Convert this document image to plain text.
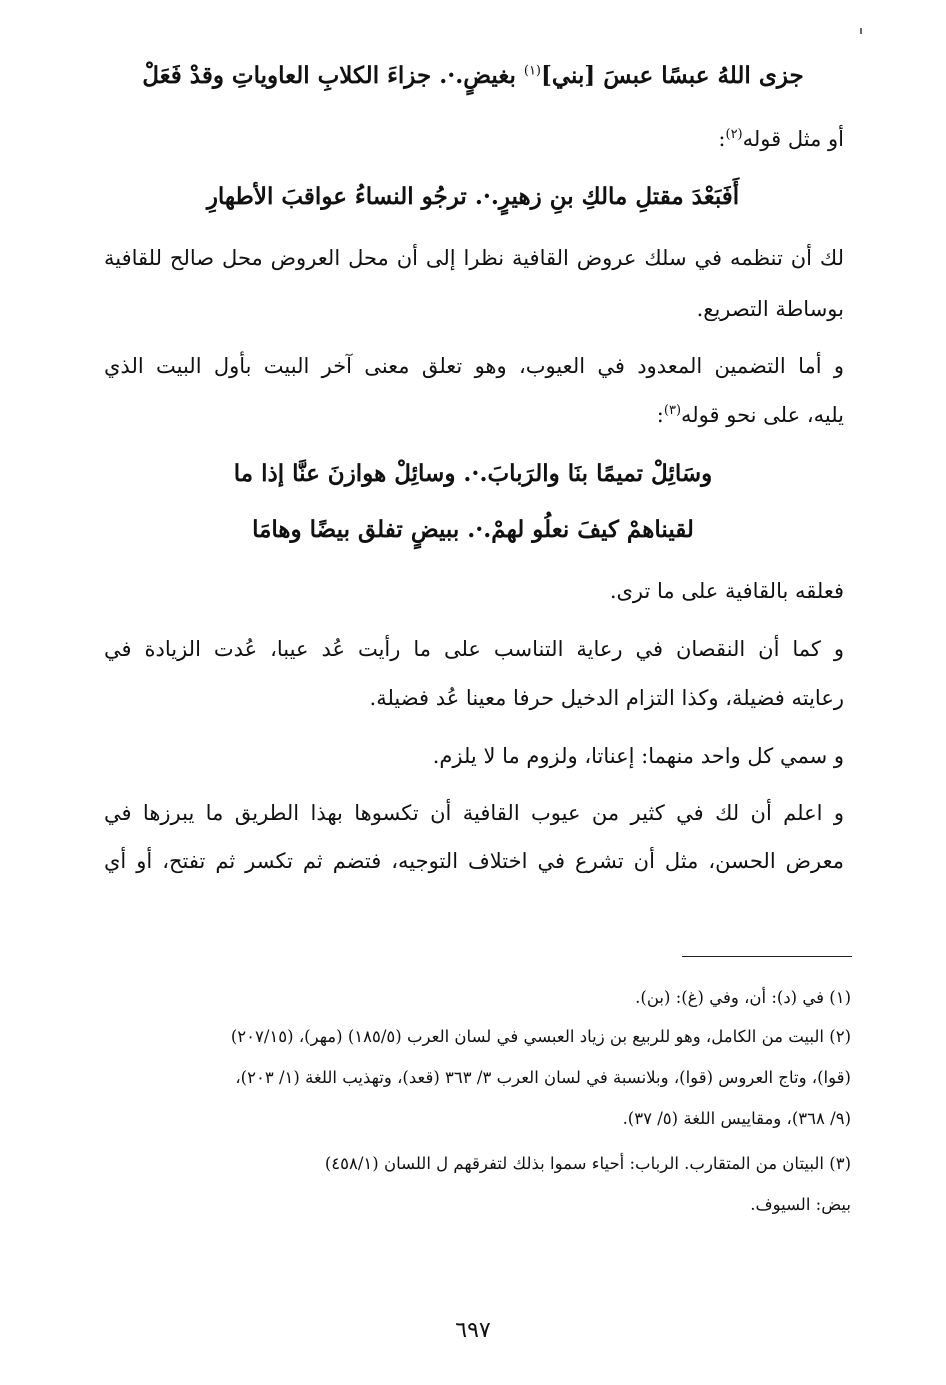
جزى اللهُ عبسًا عبسَ [بني]$^{(١)}$ بغيضٍ.·. جزاءَ الكلابِ العاوياتِ وقدْ فَعَلْ
أو مثل قوله$^{(٢)}$:
أَفَبَعْدَ مقتلِ مالكِ بنِ زهيرٍ.·. ترجُو النساءُ عواقبَ الأطهارِ
لك أن تنظمه في سلك عروض القافية نظرا إلى أن محل العروض محل صالح للقافية
بوساطة التصريع.
و أما التضمين المعدود في العيوب، وهو تعلق معنى آخر البيت بأول البيت الذي
يليه، على نحو قوله$^{(٣)}$:
وسَائِلْ تميمًا بنَا والرَبابَ.·. وسائِلْ هوازنَ عنَّا إذا ما
لقيناهمْ كيفَ نعلُو لهمْ.·. ببيضٍ تفلق بيضًا وهامَا
فعلقه بالقافية على ما ترى.
و كما أن النقصان في رعاية التناسب على ما رأيت عُد عيبا، عُدت الزيادة في
رعايته فضيلة، وكذا التزام الدخيل حرفا معينا عُد فضيلة.
و سمي كل واحد منهما: إعناتا، ولزوم ما لا يلزم.
و اعلم أن لك في كثير من عيوب القافية أن تكسوها بهذا الطريق ما يبرزها في
معرض الحسن، مثل أن تشرع في اختلاف التوجيه، فتضم ثم تكسر ثم تفتح، أو أي
(١) في (د): أن، وفي (غ): (بن).
(٢) البيت من الكامل، وهو للربيع بن زياد العبسي في لسان العرب (١٨٥/٥) (مهر)، (٢٠٧/١٥)
(قوا)، وتاج العروس (قوا)، وبلانسبة في لسان العرب ٣/ ٣٦٣ (قعد)، وتهذيب اللغة (١/ ٢٠٣)،
(٩/ ٣٦٨)، ومقاييس اللغة (٥/ ٣٧).
(٣) البيتان من المتقارب. الرباب: أحياء سموا بذلك لتفرقهم ل اللسان (٤٥٨/١)
بيض: السيوف.
٦٩٧
